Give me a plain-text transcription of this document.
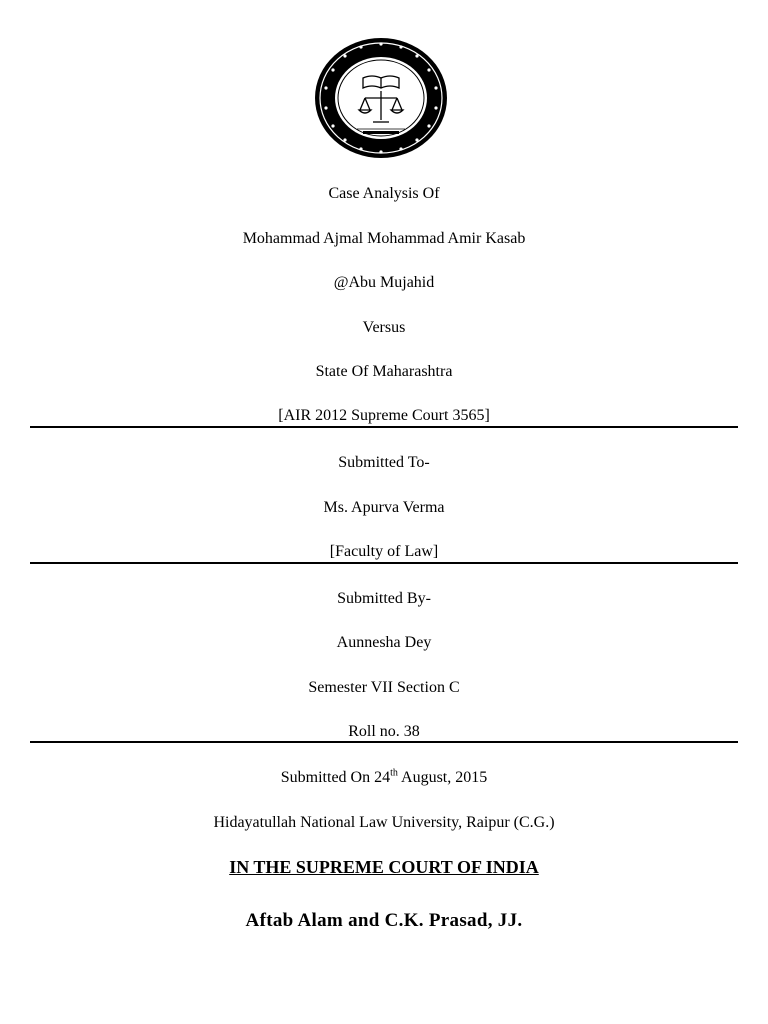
Case Analysis Of
Mohammad Ajmal Mohammad Amir Kasab
@Abu Mujahid
Versus
State Of Maharashtra
[AIR 2012 Supreme Court 3565]
Submitted To-
Ms. Apurva Verma
[Faculty of Law]
Submitted By-
Aunnesha Dey
Semester VII Section C
Roll no. 38
Submitted On 24th August, 2015
Hidayatullah National Law University, Raipur (C.G.)
IN THE SUPREME COURT OF INDIA
Aftab Alam and C.K. Prasad, JJ.
